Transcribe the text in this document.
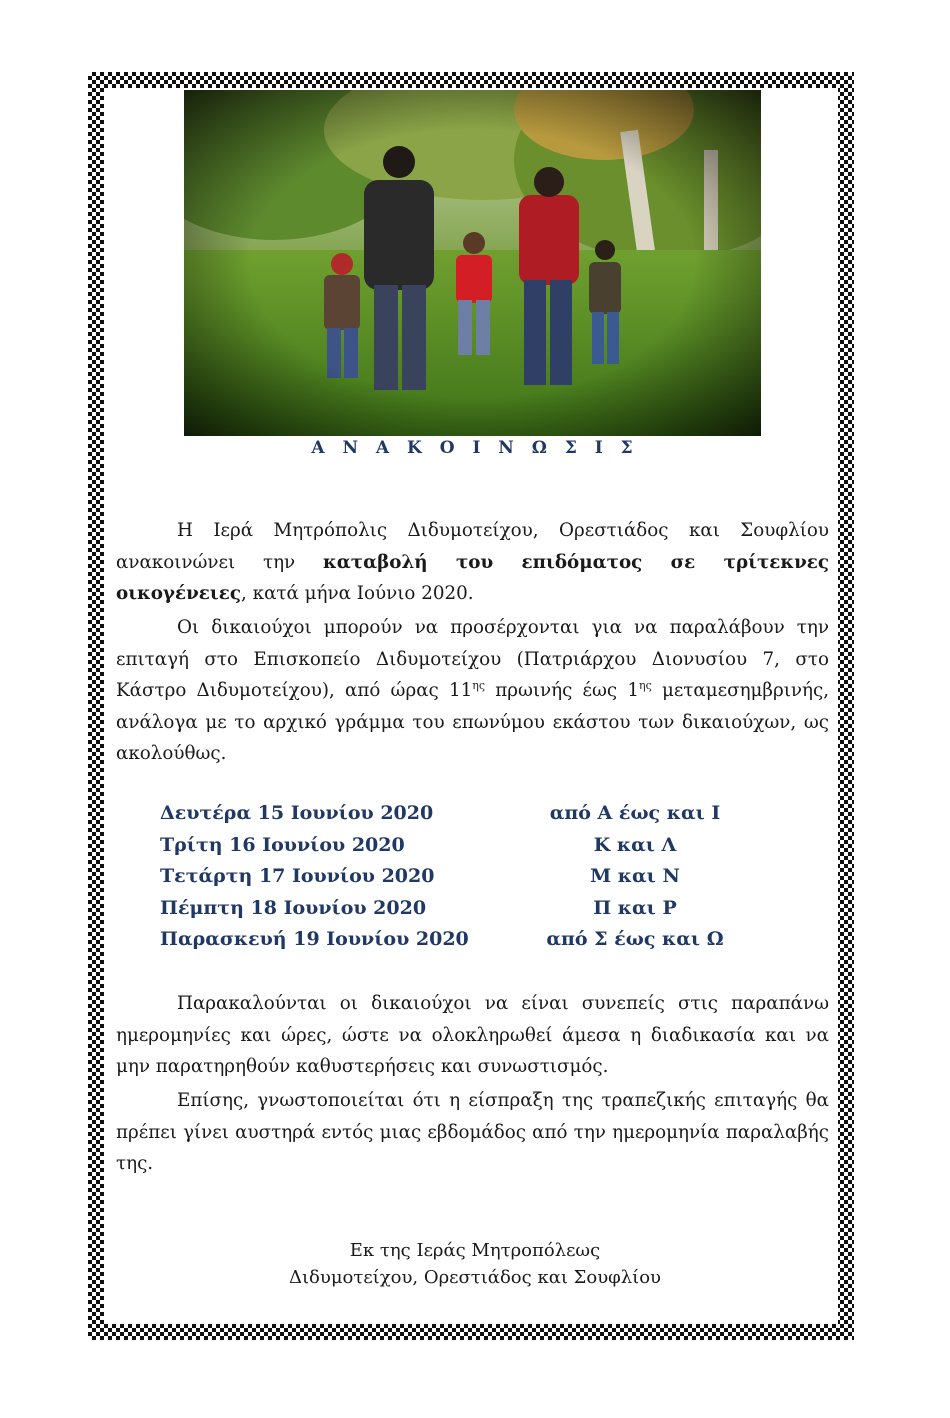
Α Ν Α Κ Ο Ι Ν Ω Σ Ι Σ

Η Ιερά Μητρόπολις Διδυμοτείχου, Ορεστιάδος και Σουφλίου ανακοινώνει την καταβολή του επιδόματος σε τρίτεκνες οικογένειες, κατά μήνα Ιούνιο 2020.

Οι δικαιούχοι μπορούν να προσέρχονται για να παραλάβουν την επιταγή στο Επισκοπείο Διδυμοτείχου (Πατριάρχου Διονυσίου 7, στο Κάστρο Διδυμοτείχου), από ώρας $11^{\eta\varsigma}$ πρωινής έως $1^{\eta\varsigma}$ μεταμεσημβρινής, ανάλογα με το αρχικό γράμμα του επωνύμου εκάστου των δικαιούχων, ως ακολούθως.

Δευτέρα 15 Ιουνίου 2020	από Α έως και Ι
Τρίτη 16 Ιουνίου 2020	Κ και Λ
Τετάρτη 17 Ιουνίου 2020	Μ και Ν
Πέμπτη 18 Ιουνίου 2020	Π και Ρ
Παρασκευή 19 Ιουνίου 2020	από Σ έως και Ω

Παρακαλούνται οι δικαιούχοι να είναι συνεπείς στις παραπάνω ημερομηνίες και ώρες, ώστε να ολοκληρωθεί άμεσα η διαδικασία και να μην παρατηρηθούν καθυστερήσεις και συνωστισμός.

Επίσης, γνωστοποιείται ότι η είσπραξη της τραπεζικής επιταγής θα πρέπει γίνει αυστηρά εντός μιας εβδομάδος από την ημερομηνία παραλαβής της.

Εκ της Ιεράς Μητροπόλεως
Διδυμοτείχου, Ορεστιάδος και Σουφλίου
